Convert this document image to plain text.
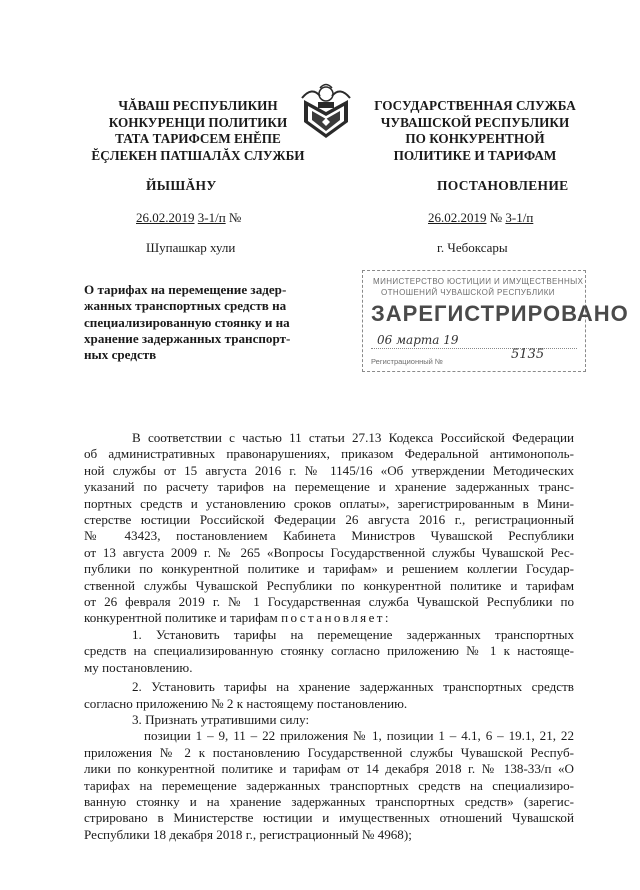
ЧĂВАШ РЕСПУБЛИКИН
КОНКУРЕНЦИ ПОЛИТИКИ
ТАТА ТАРИФСЕМ ЕНĚПЕ
ĔÇЛЕКЕН ПАТШАЛĂХ СЛУЖБИ
ГОСУДАРСТВЕННАЯ СЛУЖБА
ЧУВАШСКОЙ РЕСПУБЛИКИ
ПО КОНКУРЕНТНОЙ
ПОЛИТИКЕ И ТАРИФАМ
ЙЫШĂНУ	ПОСТАНОВЛЕНИЕ
26.02.2019 3-1/п №	26.02.2019 № 3-1/п
Шупашкар хули	г. Чебоксары
О тарифах на перемещение задер-
жанных транспортных средств на
специализированную стоянку и на
хранение задержанных транспорт-
ных средств
МИНИСТЕРСТВО ЮСТИЦИИ И ИМУЩЕСТВЕННЫХ
ОТНОШЕНИЙ ЧУВАШСКОЙ РЕСПУБЛИКИ
ЗАРЕГИСТРИРОВАНО
06 марта 19
Регистрационный №	5135
В соответствии с частью 11 статьи 27.13 Кодекса Российской Федерации
об административных правонарушениях, приказом Федеральной антимонополь-
ной службы от 15 августа 2016 г. № 1145/16 «Об утверждении Методических
указаний по расчету тарифов на перемещение и хранение задержанных транс-
портных средств и установлению сроков оплаты», зарегистрированным в Мини-
стерстве юстиции Российской Федерации 26 августа 2016 г., регистрационный
№ 43423, постановлением Кабинета Министров Чувашской Республики
от 13 августа 2009 г. № 265 «Вопросы Государственной службы Чувашской Рес-
публики по конкурентной политике и тарифам» и решением коллегии Государ-
ственной службы Чувашской Республики по конкурентной политике и тарифам
от 26 февраля 2019 г. № 1 Государственная служба Чувашской Республики по
конкурентной политике и тарифам постановляет:
1. Установить тарифы на перемещение задержанных транспортных
средств на специализированную стоянку согласно приложению № 1 к настояще-
му постановлению.
2. Установить тарифы на хранение задержанных транспортных средств
согласно приложению № 2 к настоящему постановлению.
3. Признать утратившими силу:
позиции 1 – 9, 11 – 22 приложения № 1, позиции 1 – 4.1, 6 – 19.1, 21, 22
приложения № 2 к постановлению Государственной службы Чувашской Респуб-
лики по конкурентной политике и тарифам от 14 декабря 2018 г. № 138-33/п «О
тарифах на перемещение задержанных транспортных средств на специализиро-
ванную стоянку и на хранение задержанных транспортных средств» (зарегис-
стрировано в Министерстве юстиции и имущественных отношений Чувашской
Республики 18 декабря 2018 г., регистрационный № 4968);
